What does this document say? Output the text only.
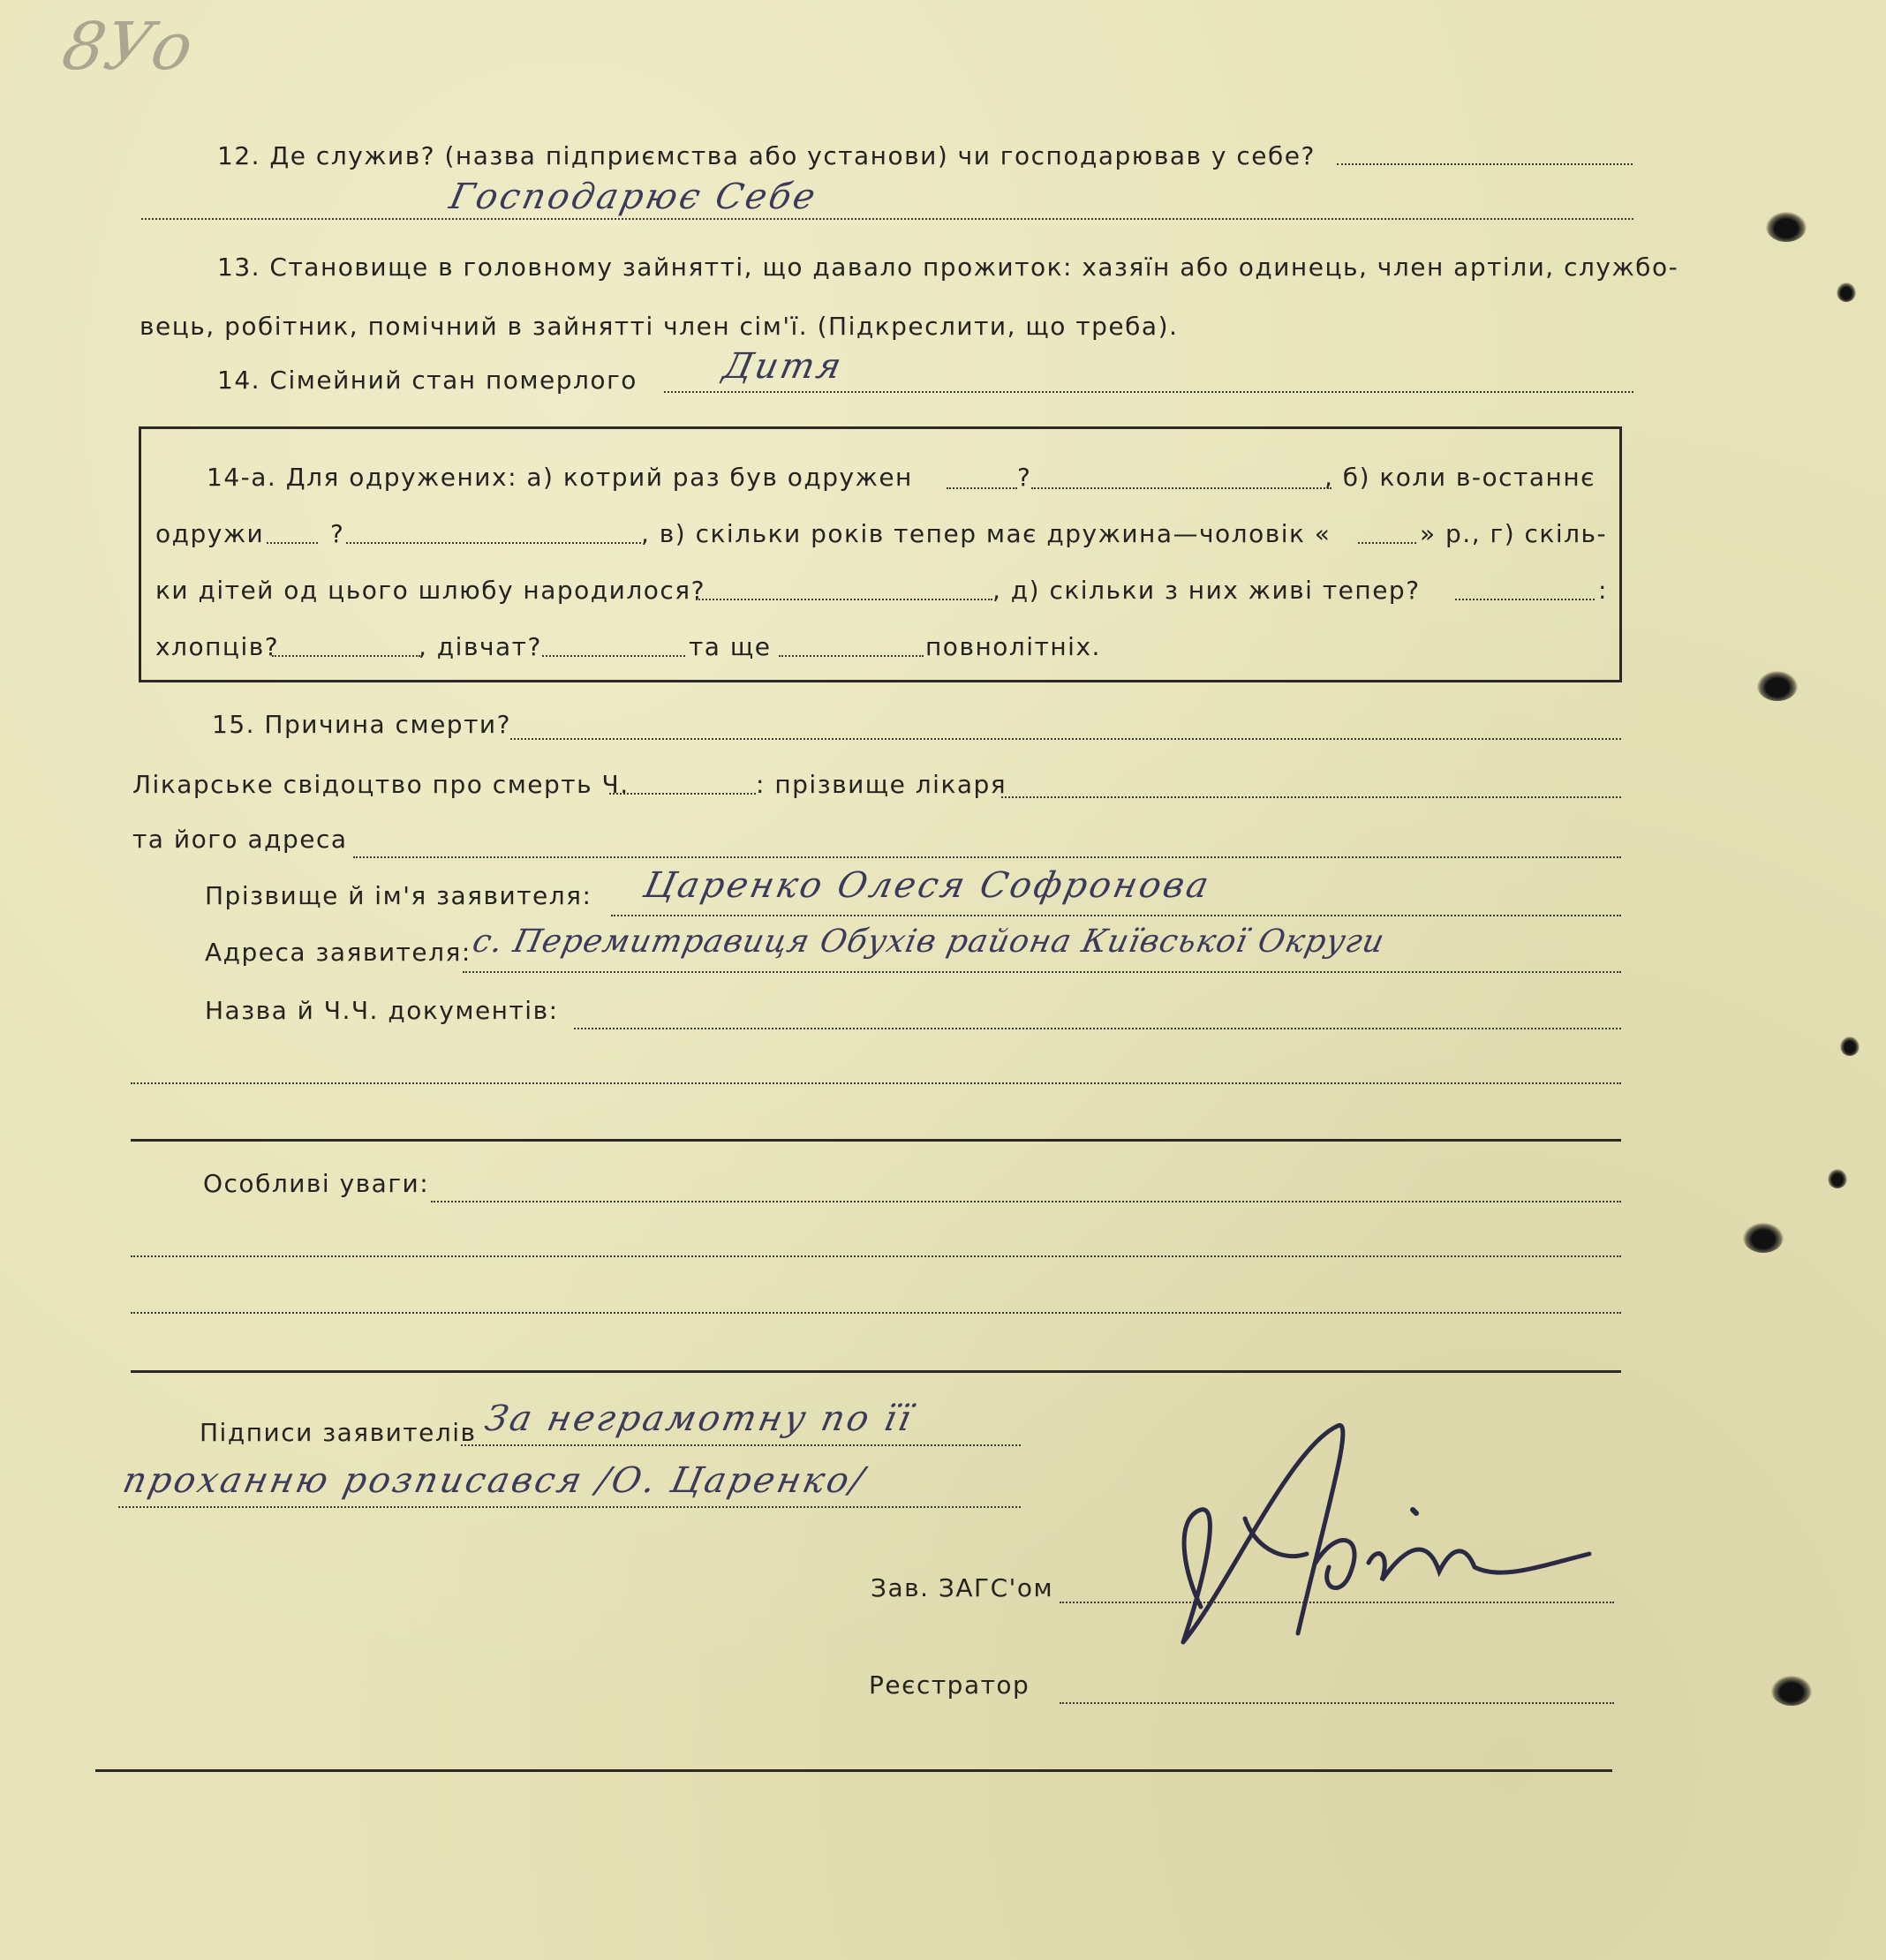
8Уо
12. Де служив? (назва підприємства або установи) чи господарював у себе?
Господарює Себе
13. Становище в головному зайнятті, що давало прожиток: хазяїн або одинець, член артіли, службо-
вець, робітник, помічний в зайнятті член сім'ї. (Підкреслити, що треба).
14. Сімейний стан померлого Дитя
14-а. Для одружених: а) котрий раз був одружен	?	, б) коли в-останнє
одружи	?	, в) скільки років тепер має дружина—чоловік «	» р., г) скіль-
ки дітей од цього шлюбу народилося?	, д) скільки з них живі тепер?	:
хлопців?	, дівчат?	та ще	повнолітніх.
15. Причина смерти?
Лікарське свідоцтво про смерть Ч.	: прізвище лікаря
та його адреса
Прізвище й ім'я заявителя: Царенко Олеся Софронова
Адреса заявителя:
с. Перемитравиця Обухів района Київської Округи
Назва й Ч.Ч. документів:
Особливі уваги:
Підписи заявителів За неграмотну по її
проханню розписався /О. Царенко/
Зав. ЗАГС'ом
Реєстратор
